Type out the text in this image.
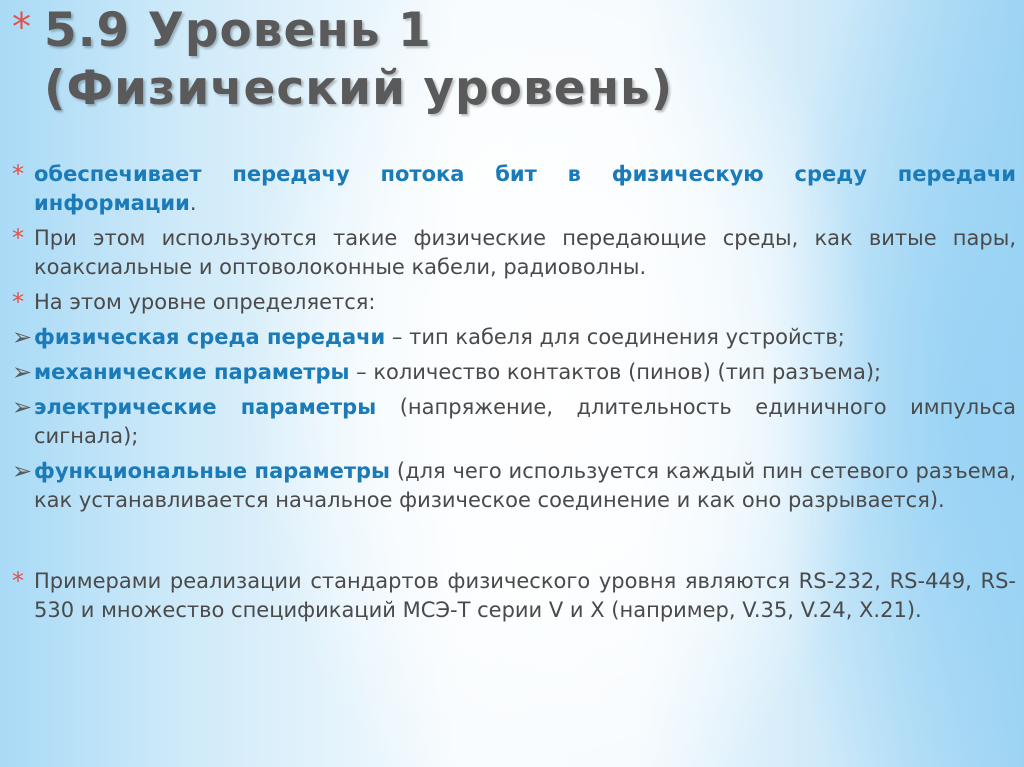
* 5.9 Уровень 1
(Физический уровень)
* обеспечивает передачу потока бит в физическую среду передачи информации.
* При этом используются такие физические передающие среды, как витые пары, коаксиальные и оптоволоконные кабели, радиоволны.
* На этом уровне определяется:
➢ физическая среда передачи – тип кабеля для соединения устройств;
➢ механические параметры – количество контактов (пинов) (тип разъема);
➢ электрические параметры (напряжение, длительность единичного импульса сигнала);
➢ функциональные параметры (для чего используется каждый пин сетевого разъема, как устанавливается начальное физическое соединение и как оно разрывается).
* Примерами реализации стандартов физического уровня являются RS-232, RS-449, RS-530 и множество спецификаций МСЭ-Т серии V и X (например, V.35, V.24, X.21).
